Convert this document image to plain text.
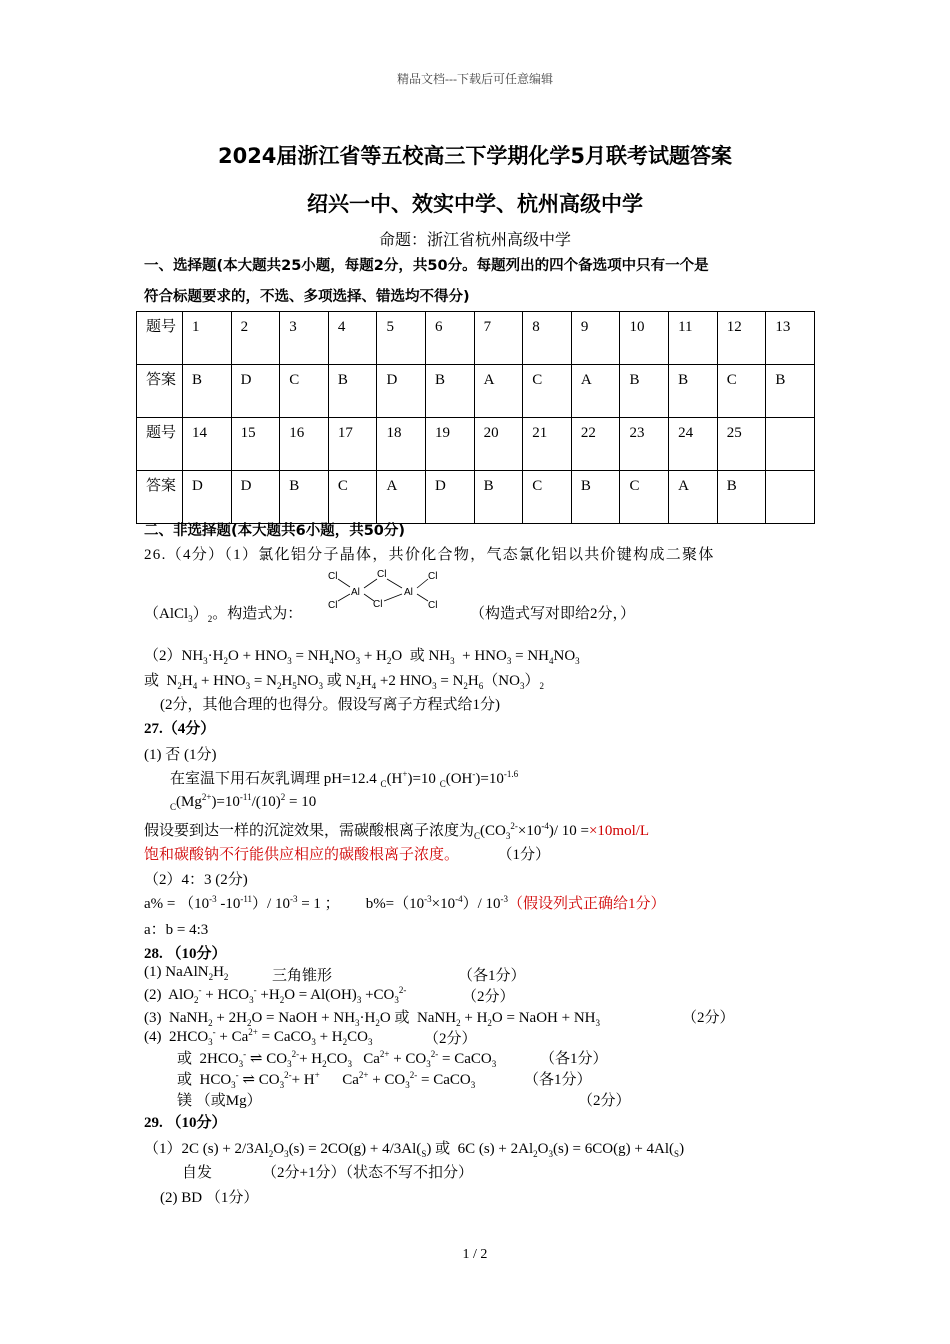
精品文档---下载后可任意编辑
2024届浙江省等五校高三下学期化学5月联考试题答案
绍兴一中、效实中学、杭州高级中学
命题：浙江省杭州高级中学
一、选择题(本大题共25小题，每题2分，共50分。每题列出的四个备选项中只有一个是
符合标题要求的，不选、多项选择、错选均不得分)
题号	1	2	3	4	5	6	7	8	9	10	11	12	13
答案	B	D	C	B	D	B	A	C	A	B	B	C	B
题号	14	15	16	17	18	19	20	21	22	23	24	25	
答案	D	D	B	C	A	D	B	C	B	C	A	B	
二、非选择题(本大题共6小题，共50分)
26.（4分）（1）氯化铝分子晶体，共价化合物，气态氯化铝以共价键构成二聚体
$(AlCl_3)_2$。构造式为：	（构造式写对即给2分，）
Cl	Cl	Cl
Cl	Cl	Cl
Al	Al
$(2)NH_3\cdot H_2O + HNO_3 = NH_4NO_3 + H_2O$  或 $NH_3 + HNO_3 = NH_4NO_3$
或  $N_2H_4 + HNO_3 = N_2H_5NO_3$ 或 $N_2H_4 +2$ $HNO_3 = N_2H_6(NO_3)_2$
(2分，其他合理的也得分。假设写离子方程式给1分)
27.（4分）
(1) 否 (1分)
在室温下用石灰乳调理 pH=12.4 $_C$(H+)=10 $_C(OH^-)=10^{-1.6}$
$_C(Mg^{2+})=10^{-11}/(10)^2 = 10$
假设要到达一样的沉淀效果，需碳酸根离子浓度为$_C(CO_3^{2-}\times 10^{-4})/$ 10 =×10mol/L
饱和碳酸钠不行能供应相应的碳酸根离子浓度。	（1分）
（2）4：3 (2分)
$a\% = (10^{-3}$ $-10^{-11})/$ $10^{-3} = 1$ ； $b\%=(10^{-3}\times 10^{-4})/$ $10^{-3}$（假设列式正确给1分）
a：b = 4:3
28. （10分）
(1) $NaAlN_2H_2$	三角锥形	（各1分）
(2)  $AlO_2^- + HCO_3^- +H_2O = Al(OH)_3 +CO_3^{2-}$	（2分）
(3)  NaNH$_2$ + $2H_2O$ = NaOH + $NH_3\cdot H_2O$ 或  NaNH$_2$ + $H_2O$ = NaOH + $NH_3$	（2分）
(4)  $2HCO_3^- + Ca^{2+}$ = CaCO$_3$ + $H_2CO_3$	（2分）
或  $2HCO_3^-$ ⇌ $CO_3^{2-}+ H_2CO_3$   $Ca^{2+} + CO_3^{2-}$ = CaCO$_3$	（各1分）
或  $HCO_3^-$ ⇌ $CO_3^{2-}+ H^+$      $Ca^{2+} + CO_3^{2-}$ = CaCO$_3$	（各1分）
镁 （或Mg）	（2分）
29. （10分）
（1）2C $(s) + 2/3Al_2O_3(s) = 2CO(g) + 4/3Al(_S)$ 或  6C $(s) + 2Al_2O_3(s) = 6CO(g) + 4Al(_S)$
自发	（2分+1分）（状态不写不扣分）
(2) BD （1分）
1 / 2
